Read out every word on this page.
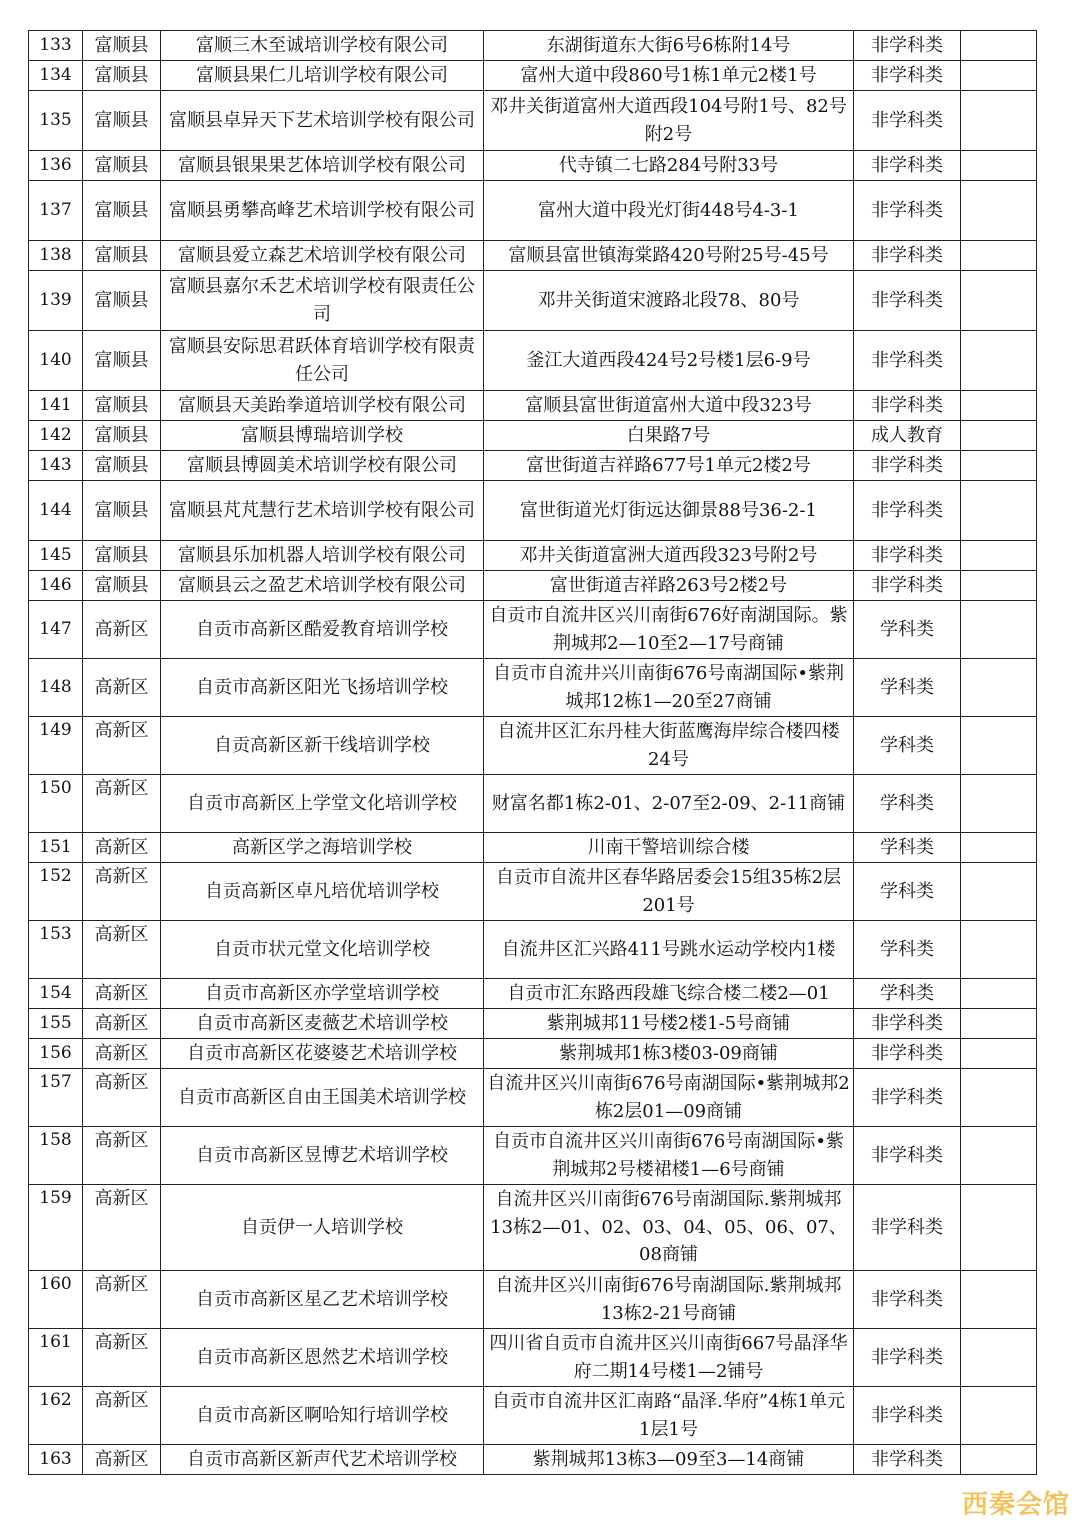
133	富顺县	富顺三木至诚培训学校有限公司	东湖街道东大街6号6栋附14号	非学科类	
134	富顺县	富顺县果仁儿培训学校有限公司	富州大道中段860号1栋1单元2楼1号	非学科类	
135	富顺县	富顺县卓异天下艺术培训学校有限公司	邓井关街道富州大道西段104号附1号、82号附2号	非学科类	
136	富顺县	富顺县银果果艺体培训学校有限公司	代寺镇二七路284号附33号	非学科类	
137	富顺县	富顺县勇攀高峰艺术培训学校有限公司	富州大道中段光灯街448号4-3-1	非学科类	
138	富顺县	富顺县爱立森艺术培训学校有限公司	富顺县富世镇海棠路420号附25号-45号	非学科类	
139	富顺县	富顺县嘉尔禾艺术培训学校有限责任公司	邓井关街道宋渡路北段78、80号	非学科类	
140	富顺县	富顺县安际思君跃体育培训学校有限责任公司	釜江大道西段424号2号楼1层6-9号	非学科类	
141	富顺县	富顺县天美跆拳道培训学校有限公司	富顺县富世街道富州大道中段323号	非学科类	
142	富顺县	富顺县博瑞培训学校	白果路7号	成人教育	
143	富顺县	富顺县博圆美术培训学校有限公司	富世街道吉祥路677号1单元2楼2号	非学科类	
144	富顺县	富顺县芃芃慧行艺术培训学校有限公司	富世街道光灯街远达御景88号36-2-1	非学科类	
145	富顺县	富顺县乐加机器人培训学校有限公司	邓井关街道富洲大道西段323号附2号	非学科类	
146	富顺县	富顺县云之盈艺术培训学校有限公司	富世街道吉祥路263号2楼2号	非学科类	
147	高新区	自贡市高新区酷爱教育培训学校	自贡市自流井区兴川南街676好南湖国际。紫荆城邦2—10至2—17号商铺	学科类	
148	高新区	自贡市高新区阳光飞扬培训学校	自贡市自流井兴川南街676号南湖国际•紫荆城邦12栋1—20至27商铺	学科类	
149	高新区	自贡高新区新干线培训学校	自流井区汇东丹桂大街蓝鹰海岸综合楼四楼24号	学科类	
150	高新区	自贡市高新区上学堂文化培训学校	财富名都1栋2-01、2-07至2-09、2-11商铺	学科类	
151	高新区	高新区学之海培训学校	川南干警培训综合楼	学科类	
152	高新区	自贡高新区卓凡培优培训学校	自贡市自流井区春华路居委会15组35栋2层201号	学科类	
153	高新区	自贡市状元堂文化培训学校	自流井区汇兴路411号跳水运动学校内1楼	学科类	
154	高新区	自贡市高新区亦学堂培训学校	自贡市汇东路西段雄飞综合楼二楼2—01	学科类	
155	高新区	自贡市高新区麦薇艺术培训学校	紫荆城邦11号楼2楼1-5号商铺	非学科类	
156	高新区	自贡市高新区花婆婆艺术培训学校	紫荆城邦1栋3楼03-09商铺	非学科类	
157	高新区	自贡市高新区自由王国美术培训学校	自流井区兴川南街676号南湖国际•紫荆城邦2栋2层01—09商铺	非学科类	
158	高新区	自贡市高新区昱博艺术培训学校	自贡市自流井区兴川南街676号南湖国际•紫荆城邦2号楼裙楼1—6号商铺	非学科类	
159	高新区	自贡伊一人培训学校	自流井区兴川南街676号南湖国际.紫荆城邦13栋2—01、02、03、04、05、06、07、08商铺	非学科类	
160	高新区	自贡市高新区星乙艺术培训学校	自流井区兴川南街676号南湖国际.紫荆城邦13栋2-21号商铺	非学科类	
161	高新区	自贡市高新区恩然艺术培训学校	四川省自贡市自流井区兴川南街667号晶泽华府二期14号楼1—2铺号	非学科类	
162	高新区	自贡市高新区啊哈知行培训学校	自贡市自流井区汇南路“晶泽.华府”4栋1单元1层1号	非学科类	
163	高新区	自贡市高新区新声代艺术培训学校	紫荆城邦13栋3—09至3—14商铺	非学科类	
西秦会馆
